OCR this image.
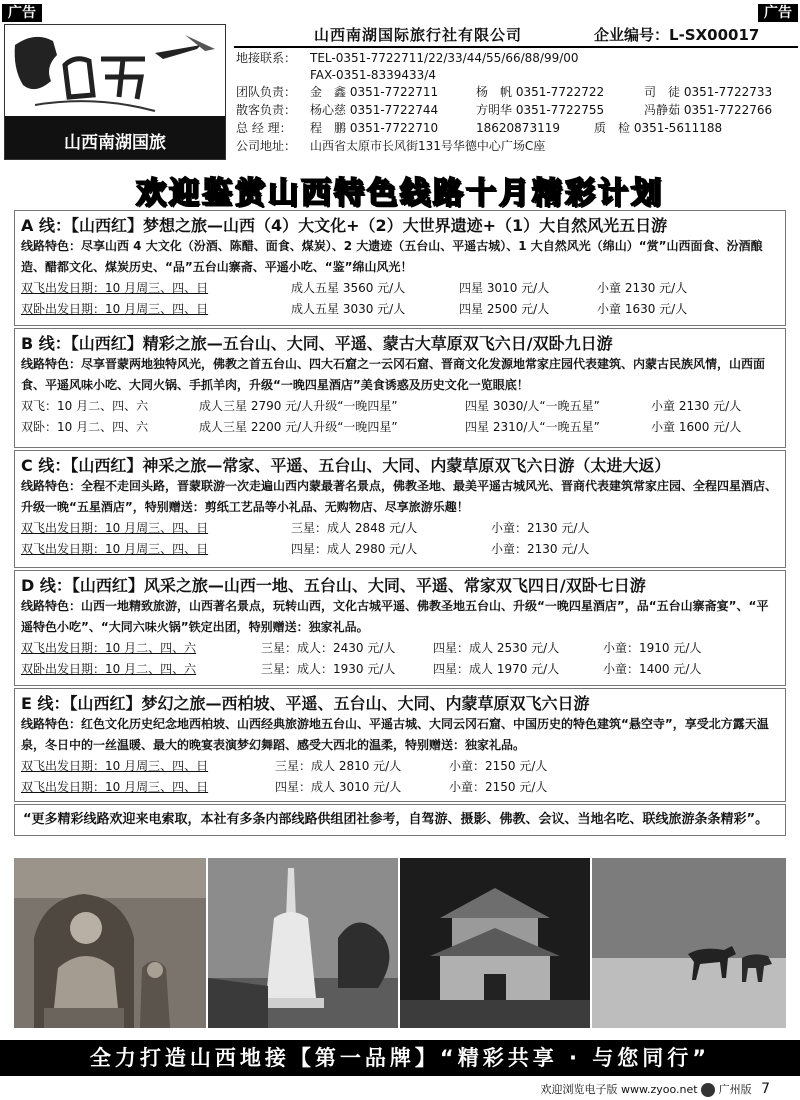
广告	广告
山西南湖国旅
山西南湖国际旅行社有限公司	企业编号：L-SX00017
地接联系： TEL-0351-7722711/22/33/44/55/66/88/99/00
FAX-0351-8339433/4
团队负责： 金　鑫 0351-7722711	杨　帆 0351-7722722	司　徒 0351-7722733
散客负责： 杨心慈 0351-7722744	方明华 0351-7722755	冯静茹 0351-7722766
总 经 理： 程　鹏 0351-7722710	18620873119	质　检 0351-5611188
公司地址： 山西省太原市长风街131号华德中心广场C座
欢迎鉴赏山西特色线路十月精彩计划
A 线：【山西红】梦想之旅—山西（4）大文化+（2）大世界遗迹+（1）大自然风光五日游
线路特色：尽享山西 4 大文化（汾酒、陈醋、面食、煤炭）、2 大遗迹（五台山、平遥古城）、1 大自然风光（绵山）“赏”山西面食、汾酒酿造、醋都文化、煤炭历史、“品”五台山寨斋、平遥小吃、“鉴”绵山风光！
双飞出发日期：10 月周三、四、日	成人五星 3560 元/人	四星 3010 元/人	小童 2130 元/人
双卧出发日期：10 月周三、四、日	成人五星 3030 元/人	四星 2500 元/人	小童 1630 元/人
B 线：【山西红】精彩之旅—五台山、大同、平遥、蒙古大草原双飞六日/双卧九日游
线路特色：尽享晋蒙两地独特风光，佛教之首五台山、四大石窟之一云冈石窟、晋商文化发源地常家庄园代表建筑、内蒙古民族风情，山西面食、平遥风味小吃、大同火锅、手抓羊肉，升级“一晚四星酒店”美食诱惑及历史文化一览眼底！
双飞：10 月二、四、六	成人三星 2790 元/人升级“一晚四星”	四星 3030/人“一晚五星”	小童 2130 元/人
双卧：10 月二、四、六	成人三星 2200 元/人升级“一晚四星”	四星 2310/人“一晚五星”	小童 1600 元/人
C 线：【山西红】神采之旅—常家、平遥、五台山、大同、内蒙草原双飞六日游（太进大返）
线路特色：全程不走回头路，晋蒙联游一次走遍山西内蒙最著名景点，佛教圣地、最美平遥古城风光、晋商代表建筑常家庄园、全程四星酒店、升级一晚“五星酒店”，特别赠送：剪纸工艺品等小礼品、无购物店、尽享旅游乐趣！
双飞出发日期：10 月周三、四、日	三星：成人 2848 元/人	小童：2130 元/人
双飞出发日期：10 月周三、四、日	四星：成人 2980 元/人	小童：2130 元/人
D 线：【山西红】风采之旅—山西一地、五台山、大同、平遥、常家双飞四日/双卧七日游
线路特色：山西一地精致旅游，山西著名景点，玩转山西，文化古城平遥、佛教圣地五台山、升级“一晚四星酒店”，品“五台山寨斋宴”、“平遥特色小吃”、“大同六味火锅”铁定出团，特别赠送：独家礼品。
双飞出发日期：10 月二、四、六	三星：成人：2430 元/人	四星：成人 2530 元/人	小童：1910 元/人
双卧出发日期：10 月二、四、六	三星：成人：1930 元/人	四星：成人 1970 元/人	小童：1400 元/人
E 线：【山西红】梦幻之旅—西柏坡、平遥、五台山、大同、内蒙草原双飞六日游
线路特色：红色文化历史纪念地西柏坡、山西经典旅游地五台山、平遥古城、大同云冈石窟、中国历史的特色建筑“悬空寺”，享受北方露天温泉，冬日中的一丝温暖、最大的晚宴表演梦幻舞蹈、感受大西北的温柔，特别赠送：独家礼品。
双飞出发日期：10 月周三、四、日	三星：成人 2810 元/人	小童：2150 元/人
双飞出发日期：10 月周三、四、日	四星：成人 3010 元/人	小童：2150 元/人
“更多精彩线路欢迎来电索取，本社有多条内部线路供组团社参考，自驾游、摄影、佛教、会议、当地名吃、联线旅游条条精彩”。
全力打造山西地接【第一品牌】“精彩共享 · 与您同行”
欢迎浏览电子版 www.zyoo.net 广州版 7
